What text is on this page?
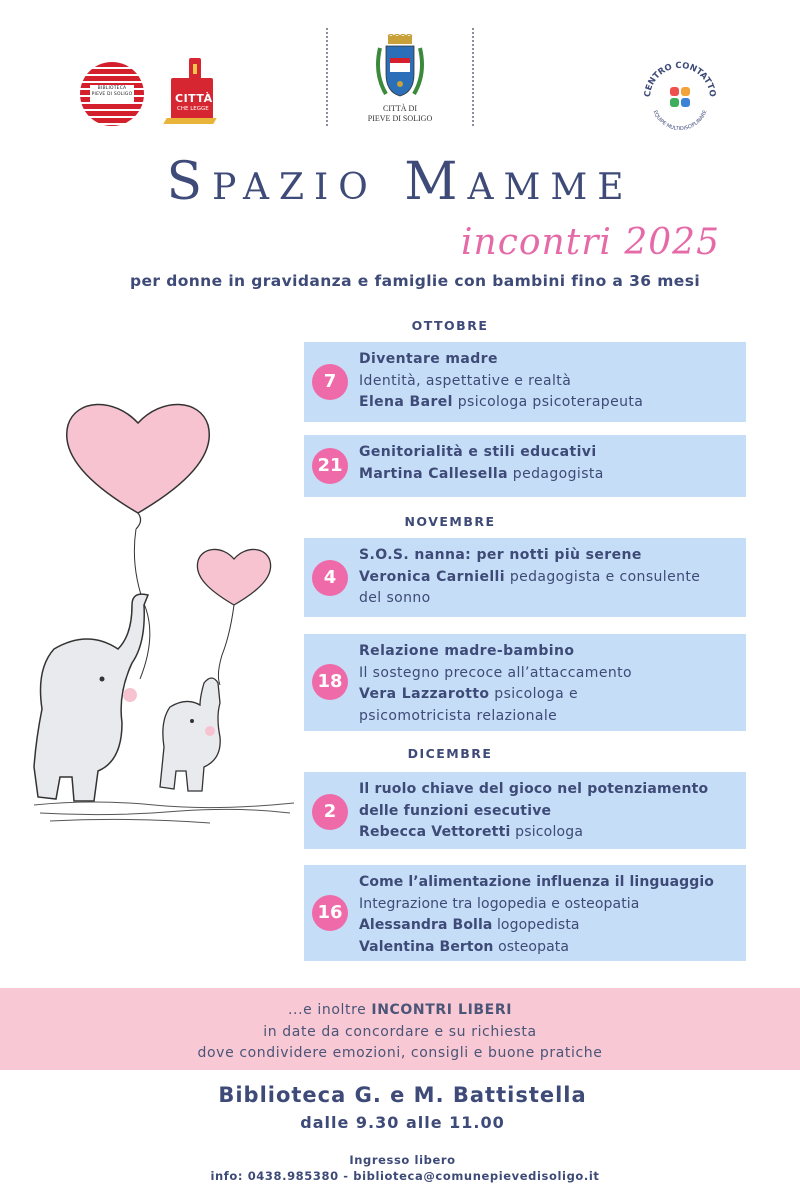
BIBLIOTECA
PIEVE DI SOLIGO	CITTÀ
CHE LEGGE	CITTÀ DI
PIEVE DI SOLIGO
CENTRO CONTATTO
EQUIPE MULTIDISCIPLINARE
Spazio Mamme
incontri 2025
per donne in gravidanza e famiglie con bambini fino a 36 mesi
OTTOBRE
7
Diventare madre
Identità, aspettative e realtà
Elena Barel psicologa psicoterapeuta
21
Genitorialità e stili educativi
Martina Callesella pedagogista
NOVEMBRE
4
S.O.S. nanna: per notti più serene
Veronica Carnielli pedagogista e consulente
del sonno
18
Relazione madre-bambino
Il sostegno precoce all’attaccamento
Vera Lazzarotto psicologa e
psicomotricista relazionale
DICEMBRE
2
Il ruolo chiave del gioco nel potenziamento
delle funzioni esecutive
Rebecca Vettoretti psicologa
16
Come l’alimentazione influenza il linguaggio
Integrazione tra logopedia e osteopatia
Alessandra Bolla logopedista
Valentina Berton osteopata
...e inoltre INCONTRI LIBERI
in date da concordare e su richiesta
dove condividere emozioni, consigli e buone pratiche
Biblioteca G. e M. Battistella
dalle 9.30 alle 11.00
Ingresso libero
info: 0438.985380 - biblioteca@comunepievedisoligo.it
